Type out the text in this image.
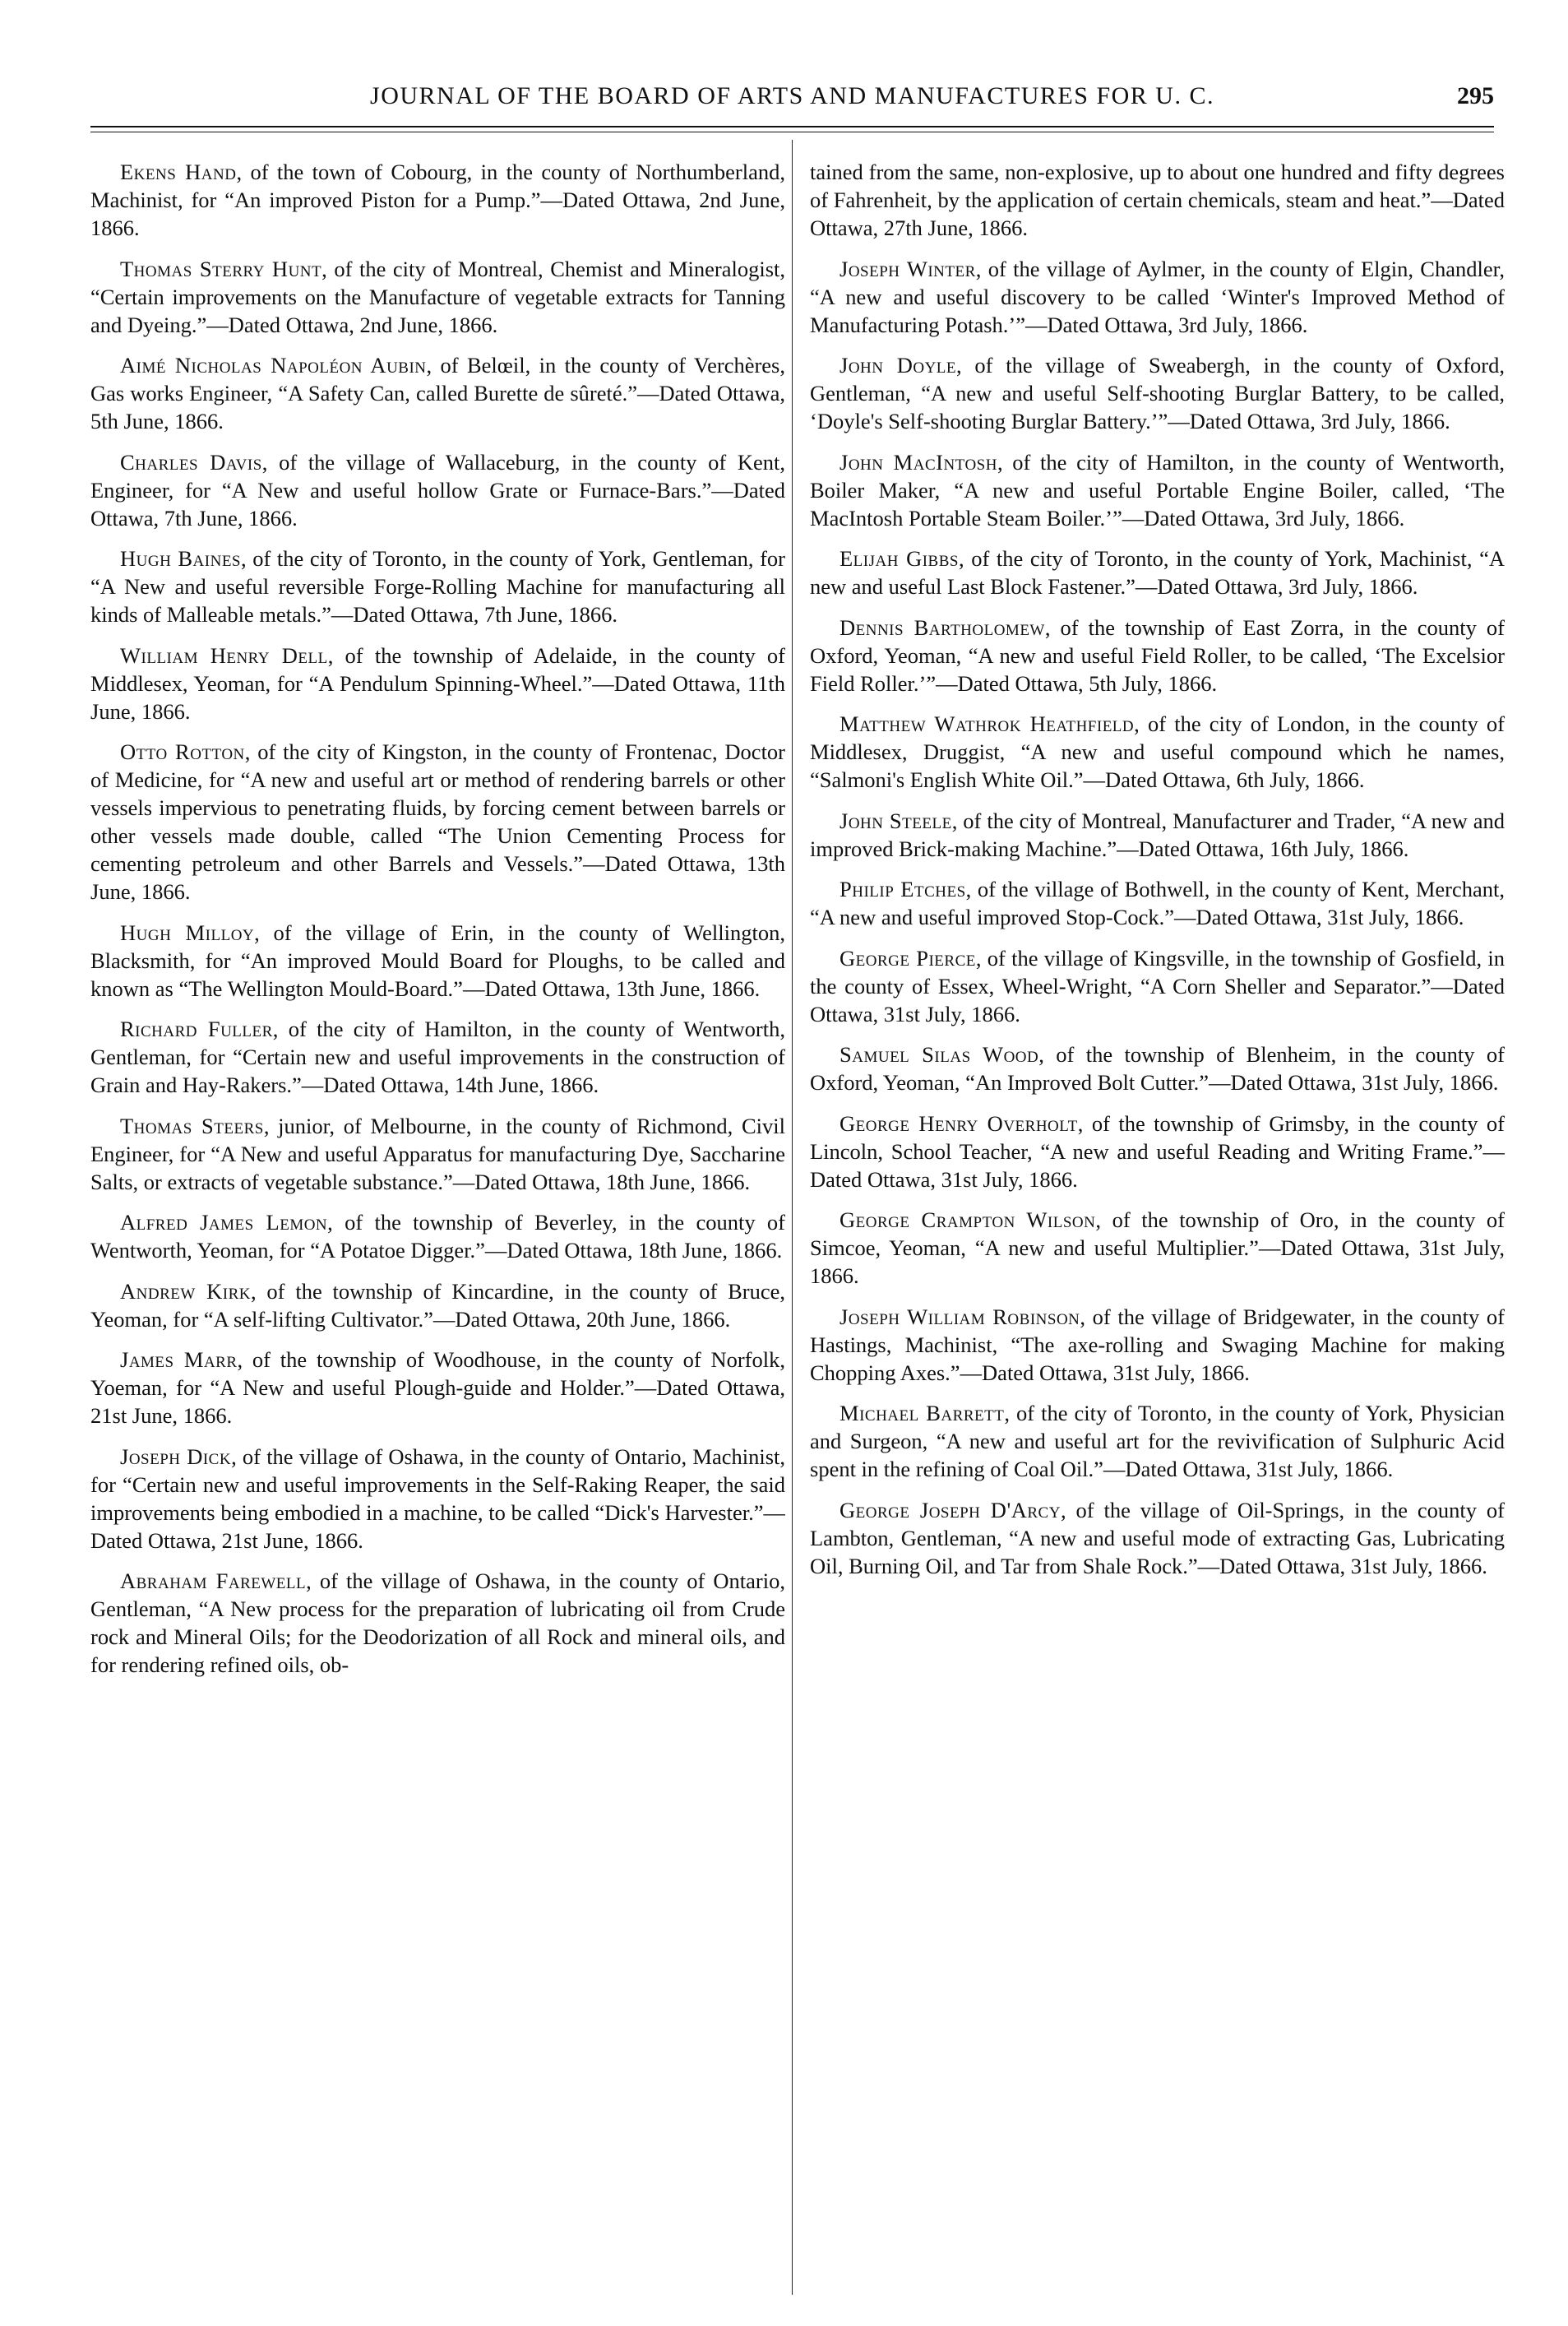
JOURNAL OF THE BOARD OF ARTS AND MANUFACTURES FOR U. C.	295

Ekens Hand, of the town of Cobourg, in the county of Northumberland, Machinist, for “An improved Piston for a Pump.”—Dated Ottawa, 2nd June, 1866.

Thomas Sterry Hunt, of the city of Montreal, Chemist and Mineralogist, “Certain improvements on the Manufacture of vegetable extracts for Tanning and Dyeing.”—Dated Ottawa, 2nd June, 1866.

Aimé Nicholas Napoléon Aubin, of Belœil, in the county of Verchères, Gas works Engineer, “A Safety Can, called Burette de sûreté.”—Dated Ottawa, 5th June, 1866.

Charles Davis, of the village of Wallaceburg, in the county of Kent, Engineer, for “A New and useful hollow Grate or Furnace-Bars.”—Dated Ottawa, 7th June, 1866.

Hugh Baines, of the city of Toronto, in the county of York, Gentleman, for “A New and useful reversible Forge-Rolling Machine for manufacturing all kinds of Malleable metals.”—Dated Ottawa, 7th June, 1866.

William Henry Dell, of the township of Adelaide, in the county of Middlesex, Yeoman, for “A Pendulum Spinning-Wheel.”—Dated Ottawa, 11th June, 1866.

Otto Rotton, of the city of Kingston, in the county of Frontenac, Doctor of Medicine, for “A new and useful art or method of rendering barrels or other vessels impervious to penetrating fluids, by forcing cement between barrels or other vessels made double, called “The Union Cementing Process for cementing petroleum and other Barrels and Vessels.”—Dated Ottawa, 13th June, 1866.

Hugh Milloy, of the village of Erin, in the county of Wellington, Blacksmith, for “An improved Mould Board for Ploughs, to be called and known as “The Wellington Mould-Board.”—Dated Ottawa, 13th June, 1866.

Richard Fuller, of the city of Hamilton, in the county of Wentworth, Gentleman, for “Certain new and useful improvements in the construction of Grain and Hay-Rakers.”—Dated Ottawa, 14th June, 1866.

Thomas Steers, junior, of Melbourne, in the county of Richmond, Civil Engineer, for “A New and useful Apparatus for manufacturing Dye, Saccharine Salts, or extracts of vegetable substance.”—Dated Ottawa, 18th June, 1866.

Alfred James Lemon, of the township of Beverley, in the county of Wentworth, Yeoman, for “A Potatoe Digger.”—Dated Ottawa, 18th June, 1866.

Andrew Kirk, of the township of Kincardine, in the county of Bruce, Yeoman, for “A self-lifting Cultivator.”—Dated Ottawa, 20th June, 1866.

James Marr, of the township of Woodhouse, in the county of Norfolk, Yoeman, for “A New and useful Plough-guide and Holder.”—Dated Ottawa, 21st June, 1866.

Joseph Dick, of the village of Oshawa, in the county of Ontario, Machinist, for “Certain new and useful improvements in the Self-Raking Reaper, the said improvements being embodied in a machine, to be called “Dick's Harvester.”—Dated Ottawa, 21st June, 1866.

Abraham Farewell, of the village of Oshawa, in the county of Ontario, Gentleman, “A New process for the preparation of lubricating oil from Crude rock and Mineral Oils; for the Deodorization of all Rock and mineral oils, and for rendering refined oils, ob-

tained from the same, non-explosive, up to about one hundred and fifty degrees of Fahrenheit, by the application of certain chemicals, steam and heat.”—Dated Ottawa, 27th June, 1866.

Joseph Winter, of the village of Aylmer, in the county of Elgin, Chandler, “A new and useful discovery to be called ‘Winter's Improved Method of Manufacturing Potash.’”—Dated Ottawa, 3rd July, 1866.

John Doyle, of the village of Sweabergh, in the county of Oxford, Gentleman, “A new and useful Self-shooting Burglar Battery, to be called, ‘Doyle's Self-shooting Burglar Battery.’”—Dated Ottawa, 3rd July, 1866.

John MacIntosh, of the city of Hamilton, in the county of Wentworth, Boiler Maker, “A new and useful Portable Engine Boiler, called, ‘The MacIntosh Portable Steam Boiler.’”—Dated Ottawa, 3rd July, 1866.

Elijah Gibbs, of the city of Toronto, in the county of York, Machinist, “A new and useful Last Block Fastener.”—Dated Ottawa, 3rd July, 1866.

Dennis Bartholomew, of the township of East Zorra, in the county of Oxford, Yeoman, “A new and useful Field Roller, to be called, ‘The Excelsior Field Roller.’”—Dated Ottawa, 5th July, 1866.

Matthew Wathrok Heathfield, of the city of London, in the county of Middlesex, Druggist, “A new and useful compound which he names, “Salmoni's English White Oil.”—Dated Ottawa, 6th July, 1866.

John Steele, of the city of Montreal, Manufacturer and Trader, “A new and improved Brick-making Machine.”—Dated Ottawa, 16th July, 1866.

Philip Etches, of the village of Bothwell, in the county of Kent, Merchant, “A new and useful improved Stop-Cock.”—Dated Ottawa, 31st July, 1866.

George Pierce, of the village of Kingsville, in the township of Gosfield, in the county of Essex, Wheel-Wright, “A Corn Sheller and Separator.”—Dated Ottawa, 31st July, 1866.

Samuel Silas Wood, of the township of Blenheim, in the county of Oxford, Yeoman, “An Improved Bolt Cutter.”—Dated Ottawa, 31st July, 1866.

George Henry Overholt, of the township of Grimsby, in the county of Lincoln, School Teacher, “A new and useful Reading and Writing Frame.”—Dated Ottawa, 31st July, 1866.

George Crampton Wilson, of the township of Oro, in the county of Simcoe, Yeoman, “A new and useful Multiplier.”—Dated Ottawa, 31st July, 1866.

Joseph William Robinson, of the village of Bridgewater, in the county of Hastings, Machinist, “The axe-rolling and Swaging Machine for making Chopping Axes.”—Dated Ottawa, 31st July, 1866.

Michael Barrett, of the city of Toronto, in the county of York, Physician and Surgeon, “A new and useful art for the revivification of Sulphuric Acid spent in the refining of Coal Oil.”—Dated Ottawa, 31st July, 1866.

George Joseph D'Arcy, of the village of Oil-Springs, in the county of Lambton, Gentleman, “A new and useful mode of extracting Gas, Lubricating Oil, Burning Oil, and Tar from Shale Rock.”—Dated Ottawa, 31st July, 1866.
